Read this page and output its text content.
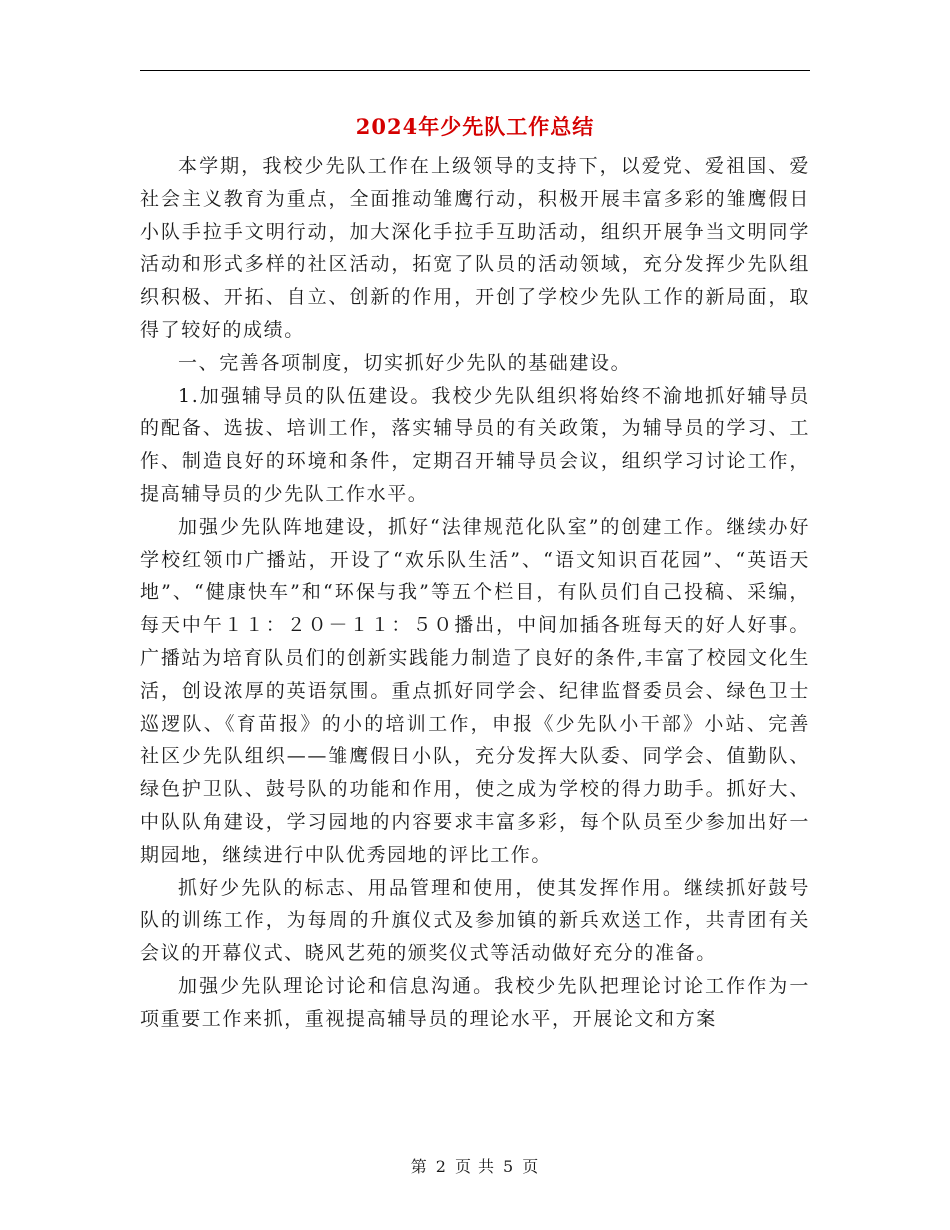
2024年少先队工作总结

本学期，我校少先队工作在上级领导的支持下，以爱党、爱祖国、爱社会主义教育为重点，全面推动雏鹰行动，积极开展丰富多彩的雏鹰假日小队手拉手文明行动，加大深化手拉手互助活动，组织开展争当文明同学活动和形式多样的社区活动，拓宽了队员的活动领域，充分发挥少先队组织积极、开拓、自立、创新的作用，开创了学校少先队工作的新局面，取得了较好的成绩。

一、完善各项制度，切实抓好少先队的基础建设。

1.加强辅导员的队伍建设。我校少先队组织将始终不渝地抓好辅导员的配备、选拔、培训工作，落实辅导员的有关政策，为辅导员的学习、工作、制造良好的环境和条件，定期召开辅导员会议，组织学习讨论工作，提高辅导员的少先队工作水平。

加强少先队阵地建设，抓好“法律规范化队室”的创建工作。继续办好学校红领巾广播站，开设了“欢乐队生活”、“语文知识百花园”、“英语天地”、“健康快车”和“环保与我”等五个栏目，有队员们自己投稿、采编，每天中午１１：２０－１１：５０播出，中间加插各班每天的好人好事。广播站为培育队员们的创新实践能力制造了良好的条件,丰富了校园文化生活，创设浓厚的英语氛围。重点抓好同学会、纪律监督委员会、绿色卫士巡逻队、《育苗报》的小的培训工作，申报《少先队小干部》小站、完善社区少先队组织——雏鹰假日小队，充分发挥大队委、同学会、值勤队、绿色护卫队、鼓号队的功能和作用，使之成为学校的得力助手。抓好大、中队队角建设，学习园地的内容要求丰富多彩，每个队员至少参加出好一期园地，继续进行中队优秀园地的评比工作。

抓好少先队的标志、用品管理和使用，使其发挥作用。继续抓好鼓号队的训练工作，为每周的升旗仪式及参加镇的新兵欢送工作，共青团有关会议的开幕仪式、晓风艺苑的颁奖仪式等活动做好充分的准备。

加强少先队理论讨论和信息沟通。我校少先队把理论讨论工作作为一项重要工作来抓，重视提高辅导员的理论水平，开展论文和方案

第 2 页 共 5 页
